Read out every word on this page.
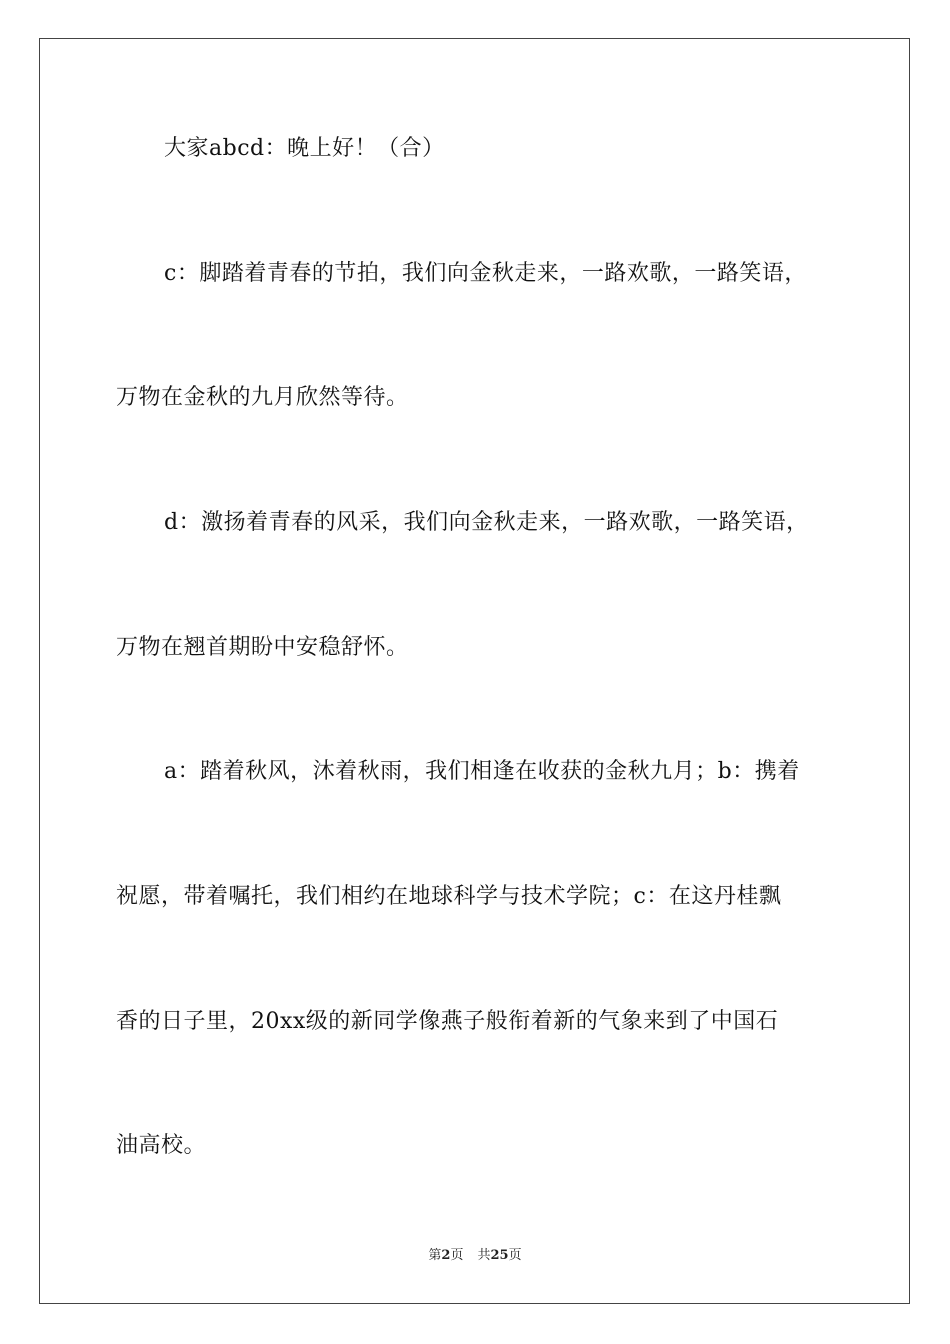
大家abcd：晚上好！（合）
c：脚踏着青春的节拍，我们向金秋走来，一路欢歌，一路笑语，
万物在金秋的九月欣然等待。
d：激扬着青春的风采，我们向金秋走来，一路欢歌，一路笑语，
万物在翘首期盼中安稳舒怀。
a：踏着秋风，沐着秋雨，我们相逢在收获的金秋九月；b：携着
祝愿，带着嘱托，我们相约在地球科学与技术学院；c：在这丹桂飘
香的日子里，20xx级的新同学像燕子般衔着新的气象来到了中国石
油高校。
第2页 共25页
